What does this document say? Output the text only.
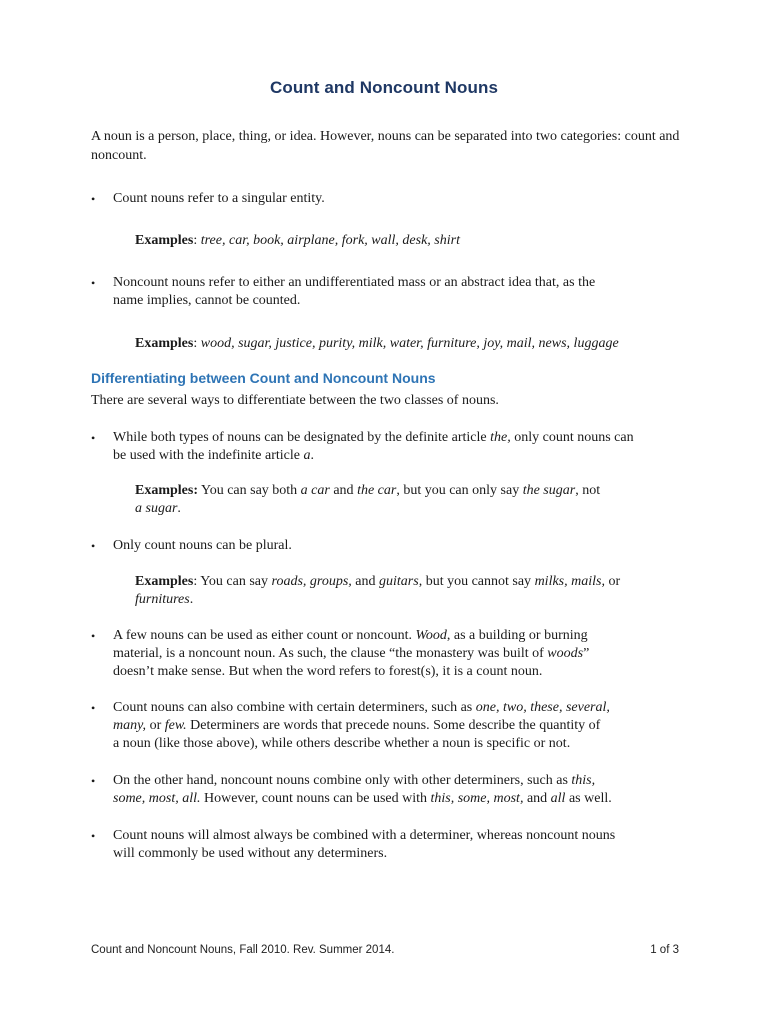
Count and Noncount Nouns
A noun is a person, place, thing, or idea. However, nouns can be separated into two categories: count and noncount.
•	Count nouns refer to a singular entity.
Examples: tree, car, book, airplane, fork, wall, desk, shirt
•	Noncount nouns refer to either an undifferentiated mass or an abstract idea that, as the
name implies, cannot be counted.
Examples: wood, sugar, justice, purity, milk, water, furniture, joy, mail, news, luggage
Differentiating between Count and Noncount Nouns
There are several ways to differentiate between the two classes of nouns.
•	While both types of nouns can be designated by the definite article the, only count nouns can
be used with the indefinite article a.
Examples: You can say both a car and the car, but you can only say the sugar, not
a sugar.
•	Only count nouns can be plural.
Examples: You can say roads, groups, and guitars, but you cannot say milks, mails, or
furnitures.
•	A few nouns can be used as either count or noncount. Wood, as a building or burning
material, is a noncount noun. As such, the clause “the monastery was built of woods”
doesn’t make sense. But when the word refers to forest(s), it is a count noun.
•	Count nouns can also combine with certain determiners, such as one, two, these, several,
many, or few. Determiners are words that precede nouns. Some describe the quantity of
a noun (like those above), while others describe whether a noun is specific or not.
•	On the other hand, noncount nouns combine only with other determiners, such as this,
some, most, all. However, count nouns can be used with this, some, most, and all as well.
•	Count nouns will almost always be combined with a determiner, whereas noncount nouns
will commonly be used without any determiners.
Count and Noncount Nouns, Fall 2010. Rev. Summer 2014.	1 of 3
